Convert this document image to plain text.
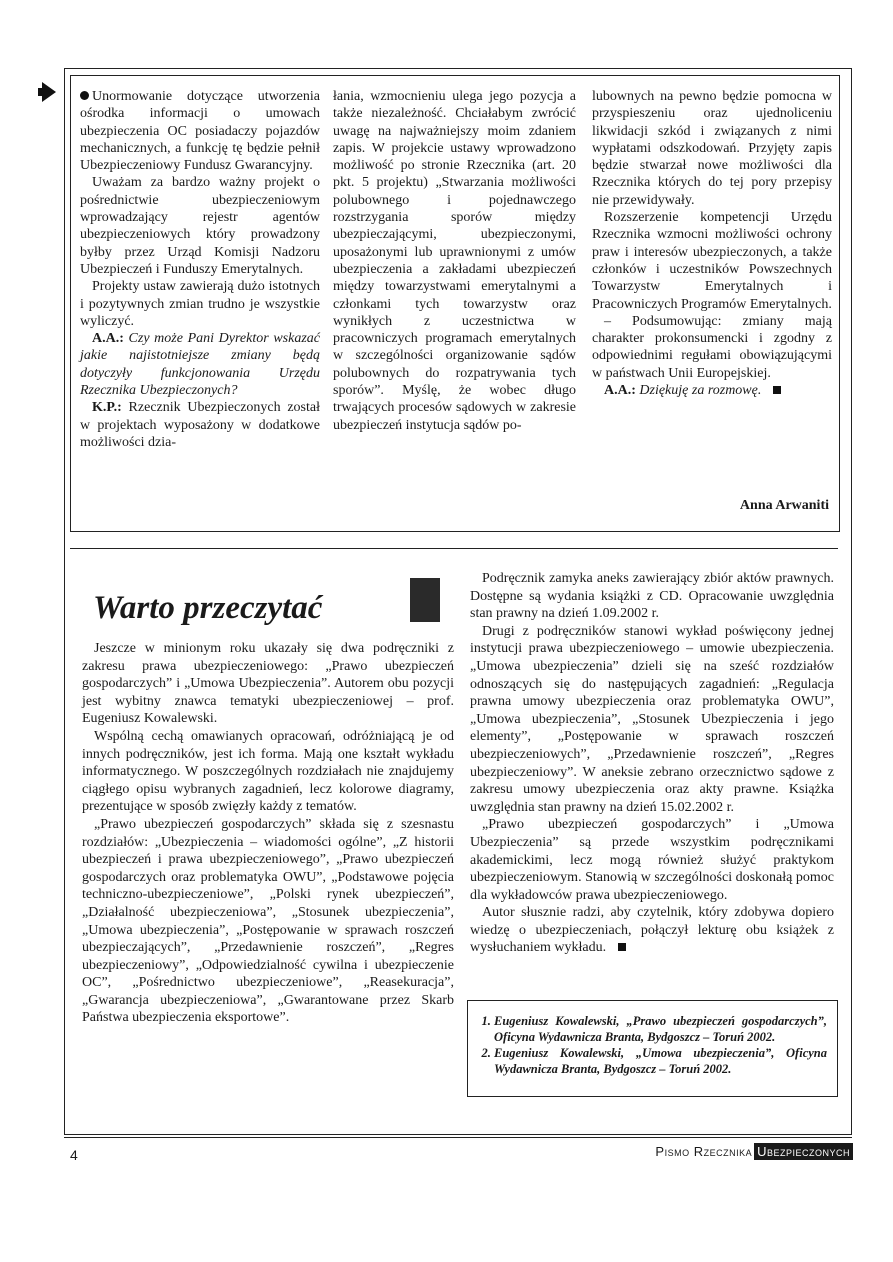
Unormowanie dotyczące utworzenia ośrodka informacji o umowach ubezpieczenia OC posiadaczy pojazdów mechanicznych, a funkcję tę będzie pełnił Ubezpieczeniowy Fundusz Gwarancyjny.

Uważam za bardzo ważny projekt o pośrednictwie ubezpieczeniowym wprowadzający rejestr agentów ubezpieczeniowych który prowadzony byłby przez Urząd Komisji Nadzoru Ubezpieczeń i Funduszy Emerytalnych.

Projekty ustaw zawierają dużo istotnych i pozytywnych zmian trudno je wszystkie wyliczyć.

A.A.: Czy może Pani Dyrektor wskazać jakie najistotniejsze zmiany będą dotyczyły funkcjonowania Urzędu Rzecznika Ubezpieczonych?

K.P.: Rzecznik Ubezpieczonych został w projektach wyposażony w dodatkowe możliwości dzia-

łania, wzmocnieniu ulega jego pozycja a także niezależność. Chciałabym zwrócić uwagę na najważniejszy moim zdaniem zapis. W projekcie ustawy wprowadzono możliwość po stronie Rzecznika (art. 20 pkt. 5 projektu) „Stwarzania możliwości polubownego i pojednawczego rozstrzygania sporów między ubezpieczającymi, ubezpieczonymi, uposażonymi lub uprawnionymi z umów ubezpieczenia a zakładami ubezpieczeń między towarzystwami emerytalnymi a członkami tych towarzystw oraz wynikłych z uczestnictwa w pracowniczych programach emerytalnych w szczególności organizowanie sądów polubownych do rozpatrywania tych sporów”. Myślę, że wobec długo trwających procesów sądowych w zakresie ubezpieczeń instytucja sądów po-

lubownych na pewno będzie pomocna w przyspieszeniu oraz ujednoliceniu likwidacji szkód i związanych z nimi wypłatami odszkodowań. Przyjęty zapis będzie stwarzał nowe możliwości dla Rzecznika których do tej pory przepisy nie przewidywały.

Rozszerzenie kompetencji Urzędu Rzecznika wzmocni możliwości ochrony praw i interesów ubezpieczonych, a także członków i uczestników Powszechnych Towarzystw Emerytalnych i Pracowniczych Programów Emerytalnych.

– Podsumowując: zmiany mają charakter prokonsumencki i zgodny z odpowiednimi regułami obowiązującymi w państwach Unii Europejskiej.

A.A.: Dziękuję za rozmowę.

Anna Arwaniti
Warto przeczytać

Jeszcze w minionym roku ukazały się dwa podręczniki z zakresu prawa ubezpieczeniowego: „Prawo ubezpieczeń gospodarczych” i „Umowa Ubezpieczenia”. Autorem obu pozycji jest wybitny znawca tematyki ubezpieczeniowej – prof. Eugeniusz Kowalewski.

Wspólną cechą omawianych opracowań, odróżniającą je od innych podręczników, jest ich forma. Mają one kształt wykładu informatycznego. W poszczególnych rozdziałach nie znajdujemy ciągłego opisu wybranych zagadnień, lecz kolorowe diagramy, prezentujące w sposób zwięzły każdy z tematów.

„Prawo ubezpieczeń gospodarczych” składa się z szesnastu rozdziałów: „Ubezpieczenia – wiadomości ogólne”, „Z historii ubezpieczeń i prawa ubezpieczeniowego”, „Prawo ubezpieczeń gospodarczych oraz problematyka OWU”, „Podstawowe pojęcia techniczno-ubezpieczeniowe”, „Polski rynek ubezpieczeń”, „Działalność ubezpieczeniowa”, „Stosunek ubezpieczenia”, „Umowa ubezpieczenia”, „Postępowanie w sprawach roszczeń ubezpieczających”, „Przedawnienie roszczeń”, „Regres ubezpieczeniowy”, „Odpowiedzialność cywilna i ubezpieczenie OC”, „Pośrednictwo ubezpieczeniowe”, „Reasekuracja”, „Gwarancja ubezpieczeniowa”, „Gwarantowane przez Skarb Państwa ubezpieczenia eksportowe”.

Podręcznik zamyka aneks zawierający zbiór aktów prawnych. Dostępne są wydania książki z CD. Opracowanie uwzględnia stan prawny na dzień 1.09.2002 r.

Drugi z podręczników stanowi wykład poświęcony jednej instytucji prawa ubezpieczeniowego – umowie ubezpieczenia. „Umowa ubezpieczenia” dzieli się na sześć rozdziałów odnoszących się do następujących zagadnień: „Regulacja prawna umowy ubezpieczenia oraz problematyka OWU”, „Umowa ubezpieczenia”, „Stosunek Ubezpieczenia i jego elementy”, „Postępowanie w sprawach roszczeń ubezpieczeniowych”, „Przedawnienie roszczeń”, „Regres ubezpieczeniowy”. W aneksie zebrano orzecznictwo sądowe z zakresu umowy ubezpieczenia oraz akty prawne. Książka uwzględnia stan prawny na dzień 15.02.2002 r.

„Prawo ubezpieczeń gospodarczych” i „Umowa Ubezpieczenia” są przede wszystkim podręcznikami akademickimi, lecz mogą również służyć praktykom ubezpieczeniowym. Stanowią w szczególności doskonałą pomoc dla wykładowców prawa ubezpieczeniowego.

Autor słusznie radzi, aby czytelnik, który zdobywa dopiero wiedzę o ubezpieczeniach, połączył lekturę obu książek z wysłuchaniem wykładu.

1. Eugeniusz Kowalewski, „Prawo ubezpieczeń gospodarczych”, Oficyna Wydawnicza Branta, Bydgoszcz – Toruń 2002.
2. Eugeniusz Kowalewski, „Umowa ubezpieczenia”, Oficyna Wydawnicza Branta, Bydgoszcz – Toruń 2002.
4	Pismo Rzecznika Ubezpieczonych
